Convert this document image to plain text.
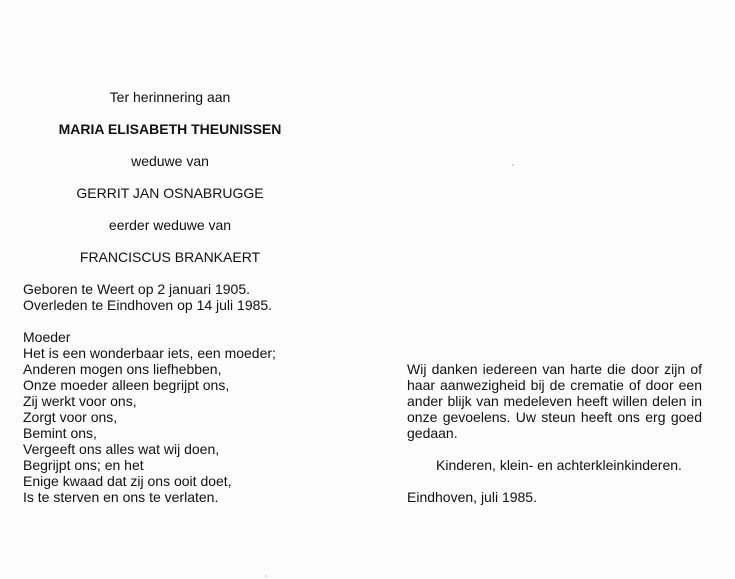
Ter herinnering aan
MARIA ELISABETH THEUNISSEN
weduwe van
GERRIT JAN OSNABRUGGE
eerder weduwe van
FRANCISCUS BRANKAERT
Geboren te Weert op 2 januari 1905.
Overleden te Eindhoven op 14 juli 1985.
Moeder
Het is een wonderbaar iets, een moeder;
Anderen mogen ons liefhebben,
Onze moeder alleen begrijpt ons,
Zij werkt voor ons,
Zorgt voor ons,
Bemint ons,
Vergeeft ons alles wat wij doen,
Begrijpt ons; en het
Enige kwaad dat zij ons ooit doet,
Is te sterven en ons te verlaten.
Wij danken iedereen van harte die door zijn of haar aanwezigheid bij de crematie of door een ander blijk van medeleven heeft willen delen in onze gevoelens. Uw steun heeft ons erg goed gedaan.
Kinderen, klein- en achterkleinkinderen.
Eindhoven, juli 1985.
